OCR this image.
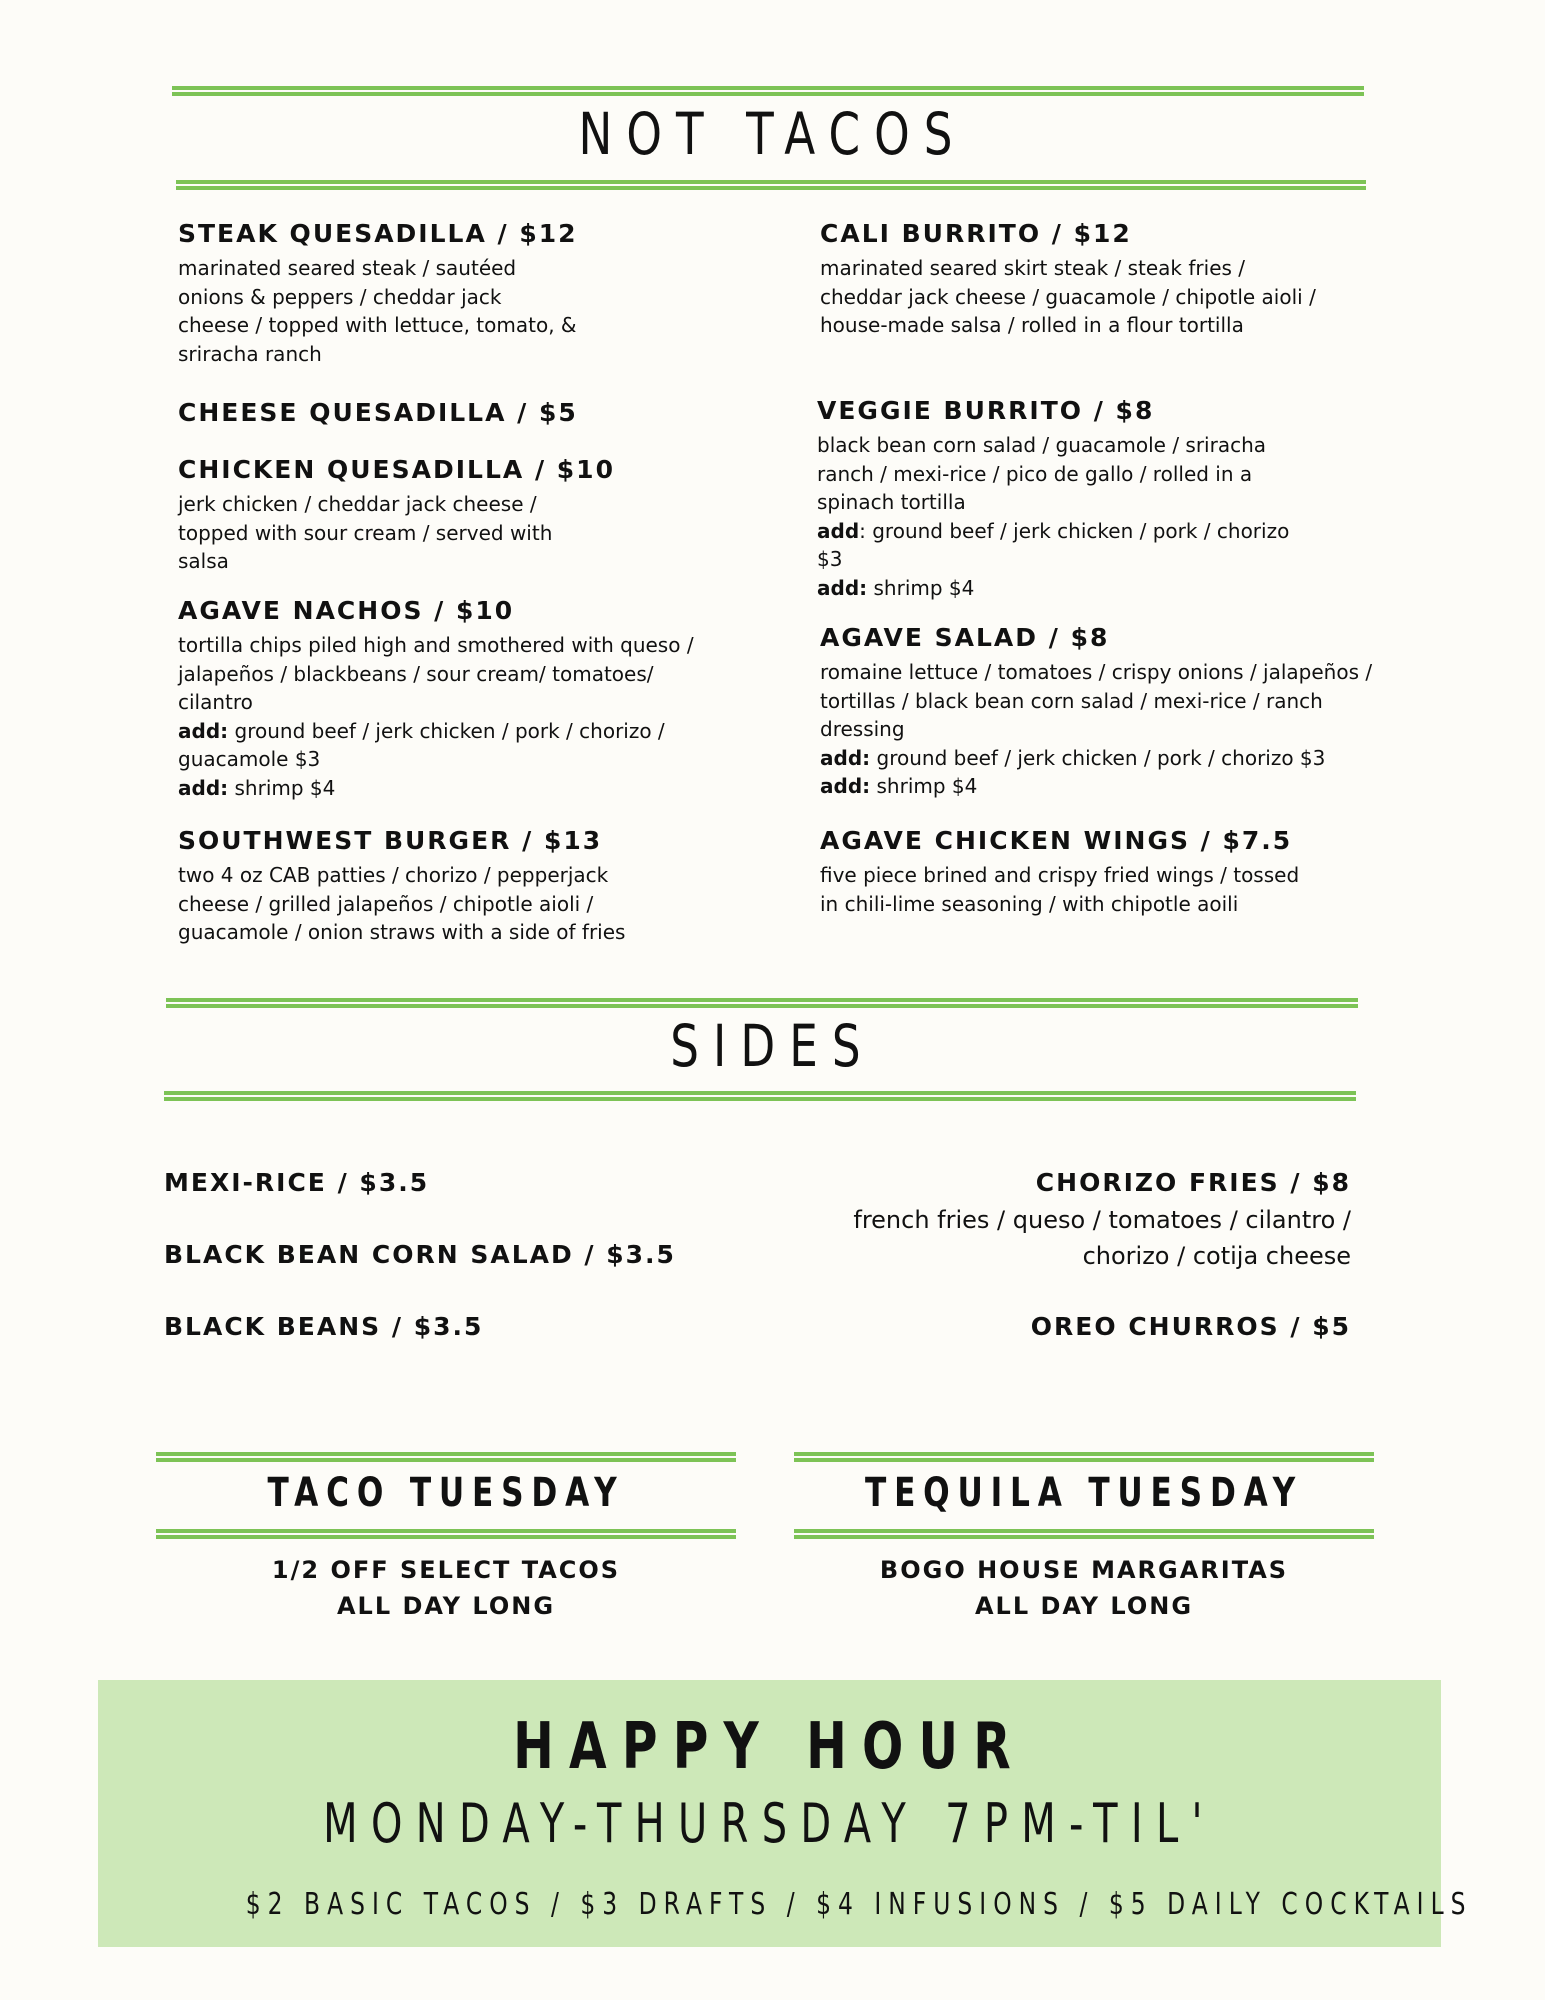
NOT TACOS

STEAK QUESADILLA / $12

marinated seared steak / sautéed onions & peppers / cheddar jack cheese / topped with lettuce, tomato, & sriracha ranch

CHEESE QUESADILLA / $5

CHICKEN QUESADILLA / $10

jerk chicken / cheddar jack cheese / topped with sour cream / served with salsa

AGAVE NACHOS / $10

tortilla chips piled high and smothered with queso / jalapeños / blackbeans / sour cream/ tomatoes/ cilantro

add: ground beef / jerk chicken / pork / chorizo / guacamole $3

add: shrimp $4

SOUTHWEST BURGER / $13

two 4 oz CAB patties / chorizo / pepperjack cheese / grilled jalapeños / chipotle aioli / guacamole / onion straws with a side of fries

CALI BURRITO / $12

marinated seared skirt steak / steak fries / cheddar jack cheese / guacamole / chipotle aioli / house-made salsa / rolled in a flour tortilla

VEGGIE BURRITO / $8

black bean corn salad / guacamole / sriracha ranch / mexi-rice / pico de gallo / rolled in a spinach tortilla

add: ground beef / jerk chicken / pork / chorizo $3

add: shrimp $4

AGAVE SALAD / $8

romaine lettuce / tomatoes / crispy onions / jalapeños / tortillas / black bean corn salad / mexi-rice / ranch dressing

add: ground beef / jerk chicken / pork / chorizo $3

add: shrimp $4

AGAVE CHICKEN WINGS / $7.5

five piece brined and crispy fried wings / tossed in chili-lime seasoning / with chipotle aoili

SIDES
MEXI-RICE / $3.5
BLACK BEAN CORN SALAD / $3.5
BLACK BEANS / $3.5
CHORIZO FRIES / $8
french fries / queso / tomatoes / cilantro /
chorizo / cotija cheese
OREO CHURROS / $5
TACO TUESDAY
1/2 OFF SELECT TACOS
ALL DAY LONG
TEQUILA TUESDAY
BOGO HOUSE MARGARITAS
ALL DAY LONG
HAPPY HOUR
MONDAY-THURSDAY 7PM-TIL'
$2 BASIC TACOS / $3 DRAFTS / $4 INFUSIONS / $5 DAILY COCKTAILS
